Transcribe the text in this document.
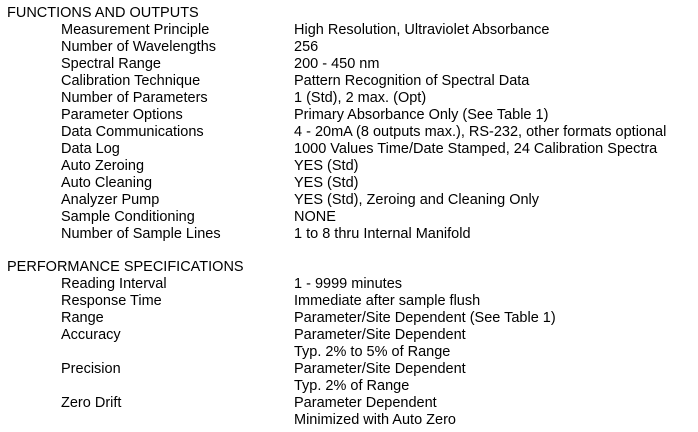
FUNCTIONS AND OUTPUTS
Measurement Principle	High Resolution, Ultraviolet Absorbance
Number of Wavelengths	256
Spectral Range	200 - 450 nm
Calibration Technique	Pattern Recognition of Spectral Data
Number of Parameters	1 (Std), 2 max. (Opt)
Parameter Options	Primary Absorbance Only (See Table 1)
Data Communications	4 - 20mA (8 outputs max.), RS-232, other formats optional
Data Log	1000 Values Time/Date Stamped, 24 Calibration Spectra
Auto Zeroing	YES (Std)
Auto Cleaning	YES (Std)
Analyzer Pump	YES (Std), Zeroing and Cleaning Only
Sample Conditioning	NONE
Number of Sample Lines	1 to 8 thru Internal Manifold
PERFORMANCE SPECIFICATIONS
Reading Interval	1 - 9999 minutes
Response Time	Immediate after sample flush
Range	Parameter/Site Dependent (See Table 1)
Accuracy	Parameter/Site Dependent
Typ. 2% to 5% of Range
Precision	Parameter/Site Dependent
Typ. 2% of Range
Zero Drift	Parameter Dependent
Minimized with Auto Zero
